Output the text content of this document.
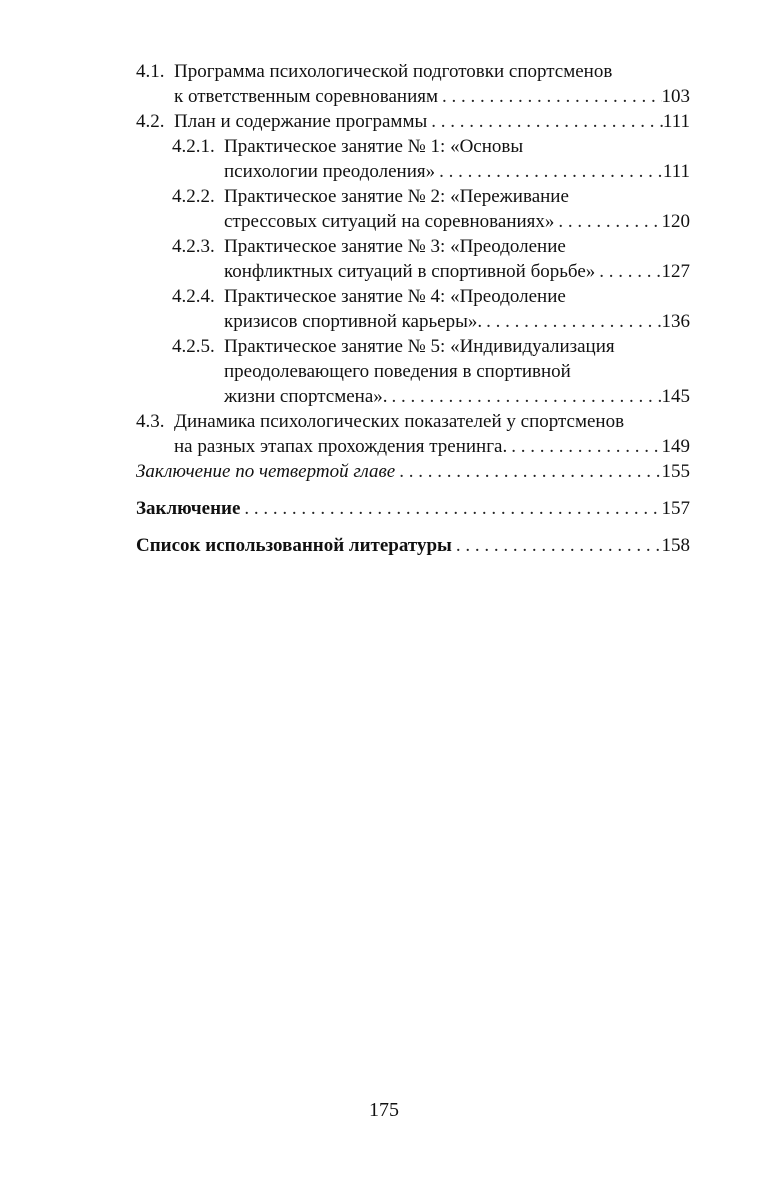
4.1. Программа психологической подготовки спортсменов
к ответственным соревнованиям . . .	103
4.2. План и содержание программы . . .	111
4.2.1. Практическое занятие № 1: «Основы
психологии преодоления» . . .	111
4.2.2. Практическое занятие № 2: «Переживание
стрессовых ситуаций на соревнованиях» . . .	120
4.2.3. Практическое занятие № 3: «Преодоление
конфликтных ситуаций в спортивной борьбе» . . .	127
4.2.4. Практическое занятие № 4: «Преодоление
кризисов спортивной карьеры». . . .	136
4.2.5. Практическое занятие № 5: «Индивидуализация
преодолевающего поведения в спортивной
жизни спортсмена». . . .	145
4.3. Динамика психологических показателей у спортсменов
на разных этапах прохождения тренинга. . . .	149
Заключение по четвертой главе . . .	155
Заключение . . .	157
Список использованной литературы . . .	158
175
